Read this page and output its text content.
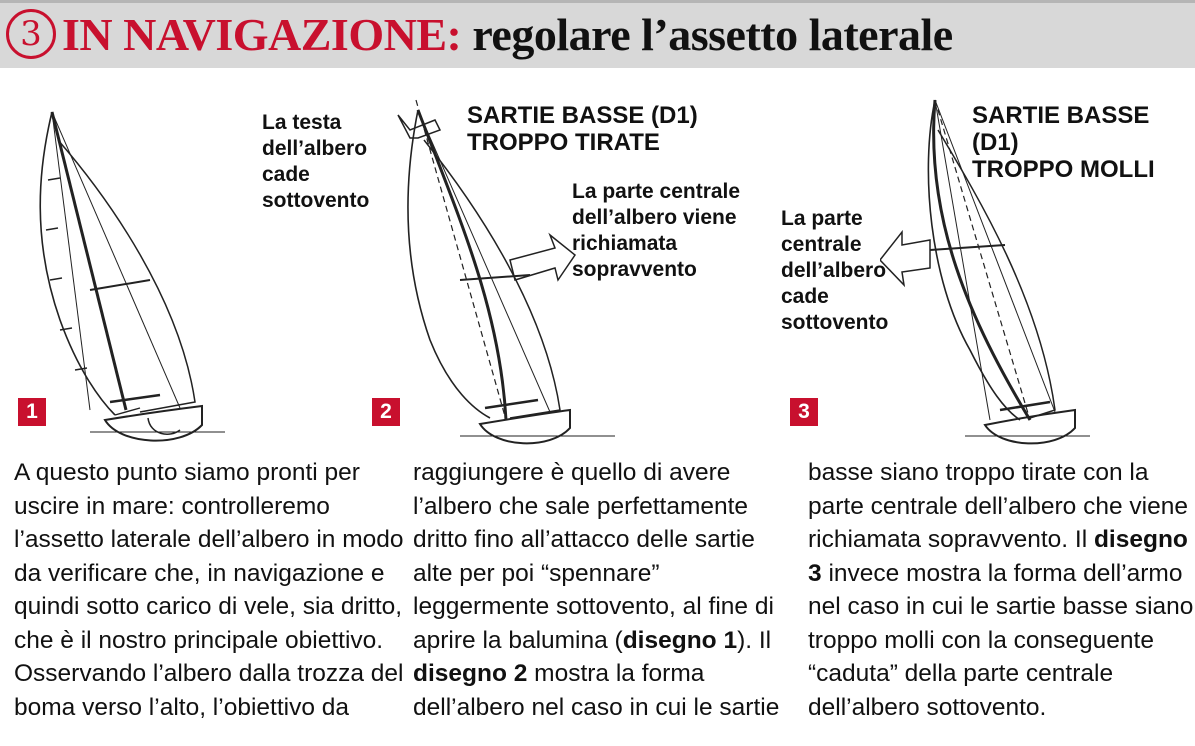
3 IN NAVIGAZIONE: regolare l’assetto laterale
1	2
La testa
dell’albero
cade
sottovento
SARTIE BASSE (D1)
TROPPO TIRATE
La parte centrale
dell’albero viene
richiamata
sopravvento
3
SARTIE BASSE (D1)
TROPPO MOLLI
La parte
centrale
dell’albero
cade
sottovento
A questo punto siamo pronti per
uscire in mare: controlleremo
l’assetto laterale dell’albero in modo
da verificare che, in navigazione e
quindi sotto carico di vele, sia dritto,
che è il nostro principale obiettivo.
Osservando l’albero dalla trozza del
boma verso l’alto, l’obiettivo da
raggiungere è quello di avere
l’albero che sale perfettamente
dritto fino all’attacco delle sartie
alte per poi “spennare”
leggermente sottovento, al fine di
aprire la balumina (disegno 1). Il
disegno 2 mostra la forma
dell’albero nel caso in cui le sartie
basse siano troppo tirate con la
parte centrale dell’albero che viene
richiamata sopravvento. Il disegno
3 invece mostra la forma dell’armo
nel caso in cui le sartie basse siano
troppo molli con la conseguente
“caduta” della parte centrale
dell’albero sottovento.
